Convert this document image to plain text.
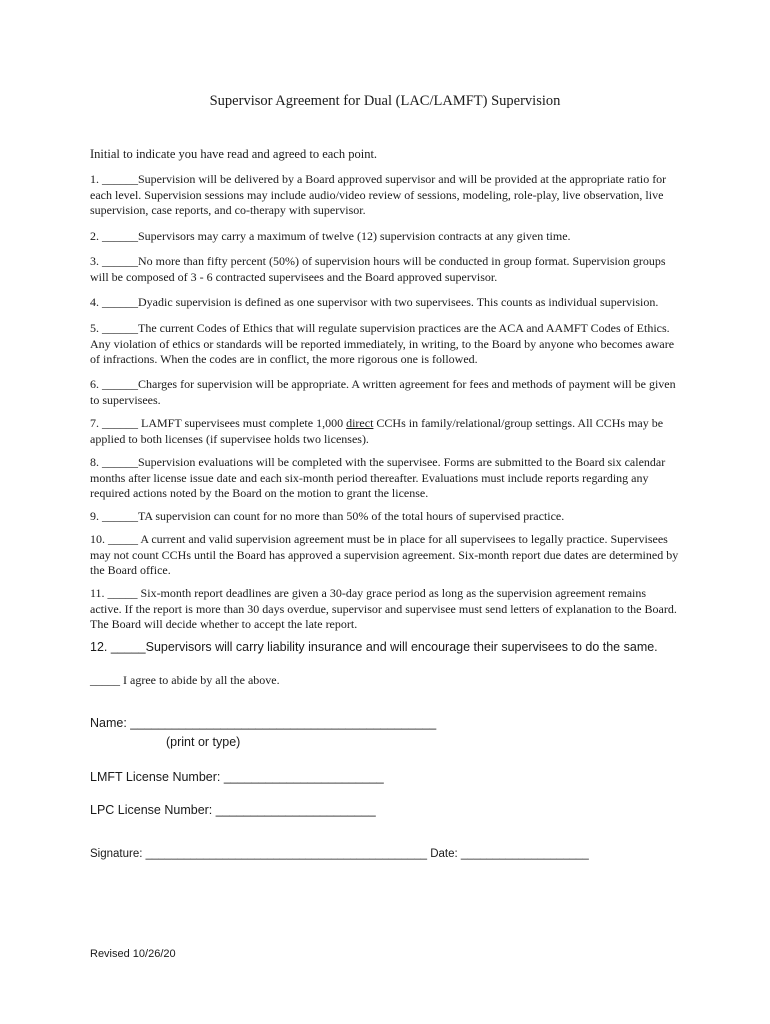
Supervisor Agreement for Dual (LAC/LAMFT) Supervision
Initial to indicate you have read and agreed to each point.
1. ______Supervision will be delivered by a Board approved supervisor and will be provided at the appropriate ratio for each level. Supervision sessions may include audio/video review of sessions, modeling, role-play, live observation, live supervision, case reports, and co-therapy with supervisor.
2. ______Supervisors may carry a maximum of twelve (12) supervision contracts at any given time.
3. ______No more than fifty percent (50%) of supervision hours will be conducted in group format. Supervision groups will be composed of 3 - 6 contracted supervisees and the Board approved supervisor.
4. ______Dyadic supervision is defined as one supervisor with two supervisees. This counts as individual supervision.
5. ______The current Codes of Ethics that will regulate supervision practices are the ACA and AAMFT Codes of Ethics. Any violation of ethics or standards will be reported immediately, in writing, to the Board by anyone who becomes aware of infractions. When the codes are in conflict, the more rigorous one is followed.
6. ______Charges for supervision will be appropriate. A written agreement for fees and methods of payment will be given to supervisees.
7. ______ LAMFT supervisees must complete 1,000 direct CCHs in family/relational/group settings. All CCHs may be applied to both licenses (if supervisee holds two licenses).
8. ______Supervision evaluations will be completed with the supervisee. Forms are submitted to the Board six calendar months after license issue date and each six-month period thereafter. Evaluations must include reports regarding any required actions noted by the Board on the motion to grant the license.
9. ______TA supervision can count for no more than 50% of the total hours of supervised practice.
10. _____ A current and valid supervision agreement must be in place for all supervisees to legally practice. Supervisees may not count CCHs until the Board has approved a supervision agreement. Six-month report due dates are determined by the Board office.
11. _____ Six-month report deadlines are given a 30-day grace period as long as the supervision agreement remains active. If the report is more than 30 days overdue, supervisor and supervisee must send letters of explanation to the Board. The Board will decide whether to accept the late report.
12. _____Supervisors will carry liability insurance and will encourage their supervisees to do the same.
_____ I agree to abide by all the above.
Name: ____________________________________________
(print or type)
LMFT License Number: _______________________
LPC License Number: _______________________
Signature: ____________________________________________ Date: ____________________
Revised 10/26/20
